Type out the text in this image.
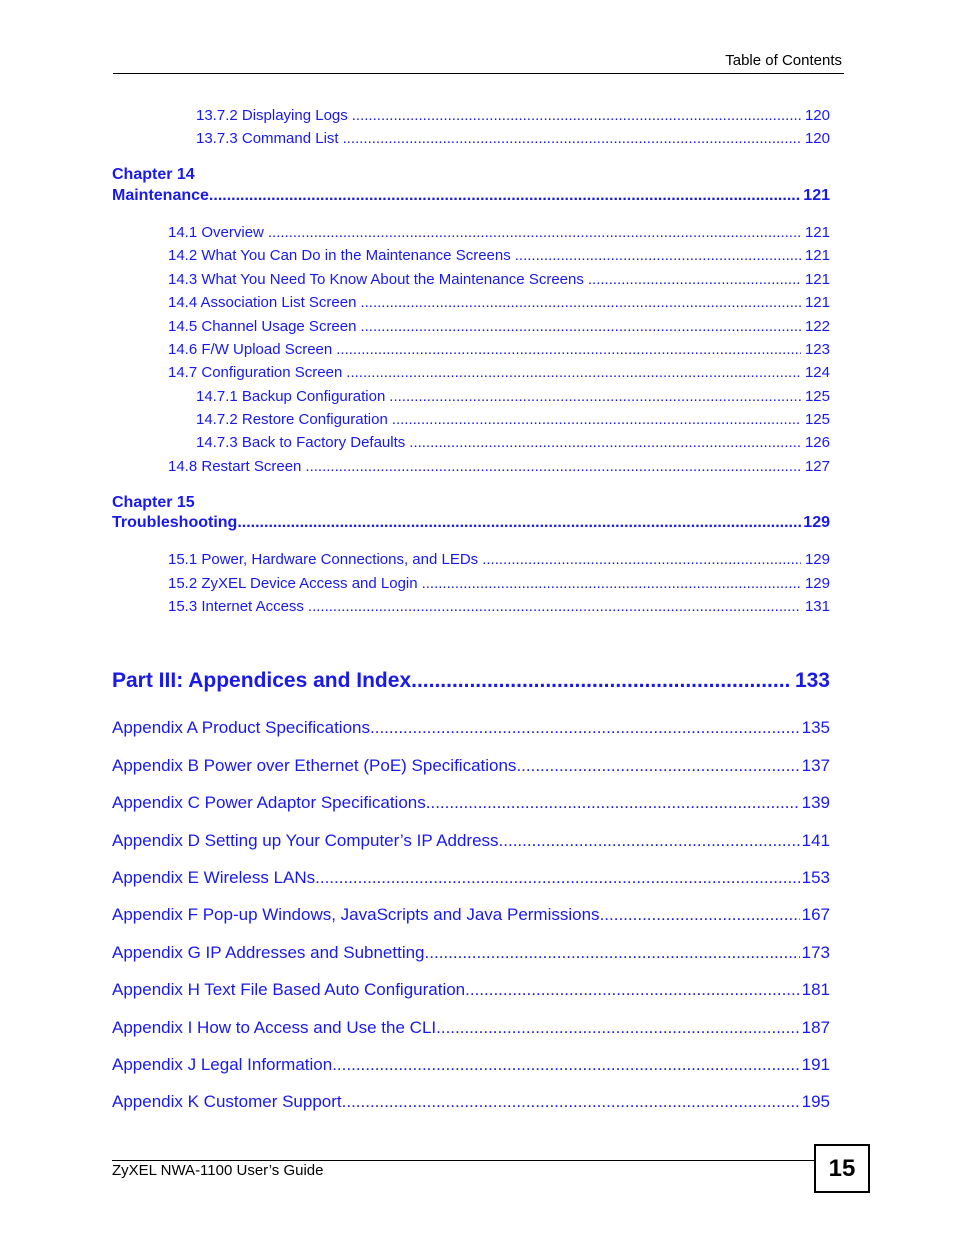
Table of Contents
13.7.2 Displaying Logs .....	120
13.7.3 Command List .....	120
Chapter 14
Maintenance .....	121
14.1 Overview .....	121
14.2 What You Can Do in the Maintenance Screens .....	121
14.3 What You Need To Know About the Maintenance Screens .....	121
14.4 Association List Screen .....	121
14.5 Channel Usage Screen .....	122
14.6 F/W Upload Screen .....	123
14.7 Configuration Screen .....	124
14.7.1 Backup Configuration .....	125
14.7.2 Restore Configuration .....	125
14.7.3 Back to Factory Defaults .....	126
14.8 Restart Screen .....	127
Chapter 15
Troubleshooting .....	129
15.1 Power, Hardware Connections, and LEDs .....	129
15.2 ZyXEL Device Access and Login .....	129
15.3 Internet Access .....	131
Part III: Appendices and Index .....	133
Appendix A Product Specifications .....	135
Appendix B Power over Ethernet (PoE) Specifications .....	137
Appendix C Power Adaptor Specifications .....	139
Appendix D Setting up Your Computer’s IP Address .....	141
Appendix E Wireless LANs .....	153
Appendix F Pop-up Windows, JavaScripts and Java Permissions .....	167
Appendix G IP Addresses and Subnetting .....	173
Appendix H Text File Based Auto Configuration .....	181
Appendix I How to Access and Use the CLI .....	187
Appendix J Legal Information .....	191
Appendix K Customer Support .....	195
ZyXEL NWA-1100 User’s Guide	15
